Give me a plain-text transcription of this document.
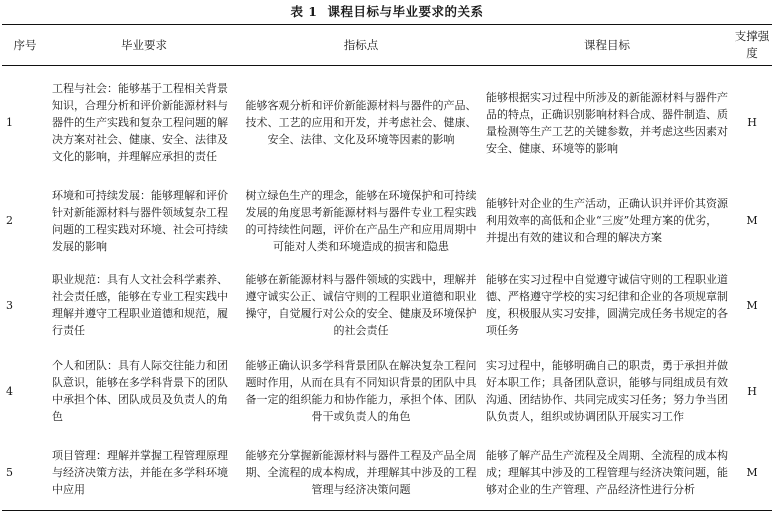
表 1 课程目标与毕业要求的关系
序号	毕业要求	指标点	课程目标	支撑强度
1	工程与社会：能够基于工程相关背景知识，合理分析和评价新能源材料与器件的生产实践和复杂工程问题的解决方案对社会、健康、安全、法律及文化的影响，并理解应承担的责任	能够客观分析和评价新能源材料与器件的产品、技术、工艺的应用和开发，并考虑社会、健康、安全、法律、文化及环境等因素的影响	能够根据实习过程中所涉及的新能源材料与器件产品的特点，正确识别影响材料合成、器件制造、质量检测等生产工艺的关键参数，并考虑这些因素对安全、健康、环境等的影响	H
2	环境和可持续发展：能够理解和评价针对新能源材料与器件领域复杂工程问题的工程实践对环境、社会可持续发展的影响	树立绿色生产的理念，能够在环境保护和可持续发展的角度思考新能源材料与器件专业工程实践的可持续性问题，评价在产品生产和应用周期中可能对人类和环境造成的损害和隐患	能够针对企业的生产活动，正确认识并评价其资源利用效率的高低和企业“三废”处理方案的优劣，并提出有效的建议和合理的解决方案	M
3	职业规范：具有人文社会科学素养、社会责任感，能够在专业工程实践中理解并遵守工程职业道德和规范，履行责任	能够在新能源材料与器件领域的实践中，理解并遵守诚实公正、诚信守则的工程职业道德和职业操守，自觉履行对公众的安全、健康及环境保护的社会责任	能够在实习过程中自觉遵守诚信守则的工程职业道德、严格遵守学校的实习纪律和企业的各项规章制度，积极服从实习安排，圆满完成任务书规定的各项任务	M
4	个人和团队：具有人际交往能力和团队意识，能够在多学科背景下的团队中承担个体、团队成员及负责人的角色	能够正确认识多学科背景团队在解决复杂工程问题时作用，从而在具有不同知识背景的团队中具备一定的组织能力和协作能力，承担个体、团队骨干或负责人的角色	实习过程中，能够明确自己的职责，勇于承担并做好本职工作；具备团队意识，能够与同组成员有效沟通、团结协作、共同完成实习任务；努力争当团队负责人，组织或协调团队开展实习工作	H
5	项目管理：理解并掌握工程管理原理与经济决策方法，并能在多学科环境中应用	能够充分掌握新能源材料与器件工程及产品全周期、全流程的成本构成，并理解其中涉及的工程管理与经济决策问题	能够了解产品生产流程及全周期、全流程的成本构成；理解其中涉及的工程管理与经济决策问题，能够对企业的生产管理、产品经济性进行分析	M
